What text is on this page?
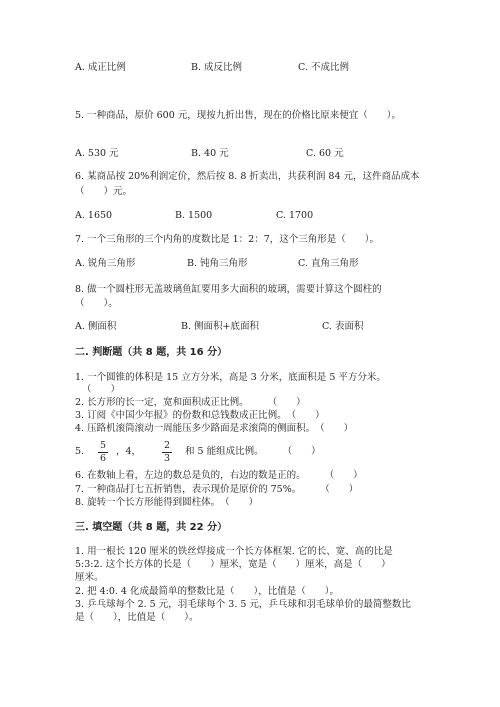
A. 成正比例	B. 成反比例	C. 不成比例
5. 一种商品，原价 600 元，现按九折出售，现在的价格比原来便宜（　　）。
A. 530 元	B. 40 元	C. 60 元
6. 某商品按 20%利润定价，然后按 8. 8 折卖出，共获利润 84 元，这件商品成本
（　　）元。
A. 1650	B. 1500	C. 1700
7. 一个三角形的三个内角的度数比是 1：2：7，这个三角形是（　　）。
A. 锐角三角形	B. 钝角三角形	C. 直角三角形
8. 做一个圆柱形无盖玻璃鱼缸要用多大面积的玻璃，需要计算这个圆柱的
（　　）。
A. 侧面积	B. 侧面积+底面积	C. 表面积
二. 判断题（共 8 题，共 16 分）
1. 一个圆锥的体积是 15 立方分米，高是 3 分米，底面积是 5 平方分米。
（　　）
2. 长方形的长一定，宽和面积成正比例。　　　（　　）
3. 订阅《中国少年报》的份数和总钱数成正比例。　（　　）
4. 压路机滚筒滚动一周能压多少路面是求滚筒的侧面积。　（　　）
5. $\frac{5}{6}$ ，4， $\frac{2}{3}$ 和 5 能组成比例。　　　（　　）
6. 在数轴上看，左边的数总是负的，右边的数是正的。　　　（　　）
7. 一种商品打七五折销售，表示现价是原价的 75%。　　　（　　）
8. 旋转一个长方形能得到圆柱体。　（　　）
三. 填空题（共 8 题，共 22 分）
1. 用一根长 120 厘米的铁丝焊接成一个长方体框架. 它的长、宽、高的比是
5:3:2. 这个长方体的长是（　　）厘米，宽是（　　）厘米，高是（　　）
厘米。
2. 把 4:0. 4 化成最简单的整数比是（　　），比值是（　　）。
3. 乒乓球每个 2. 5 元，羽毛球每个 3. 5 元，乒乓球和羽毛球单价的最简整数比
是（　　），比值是（　　）。
